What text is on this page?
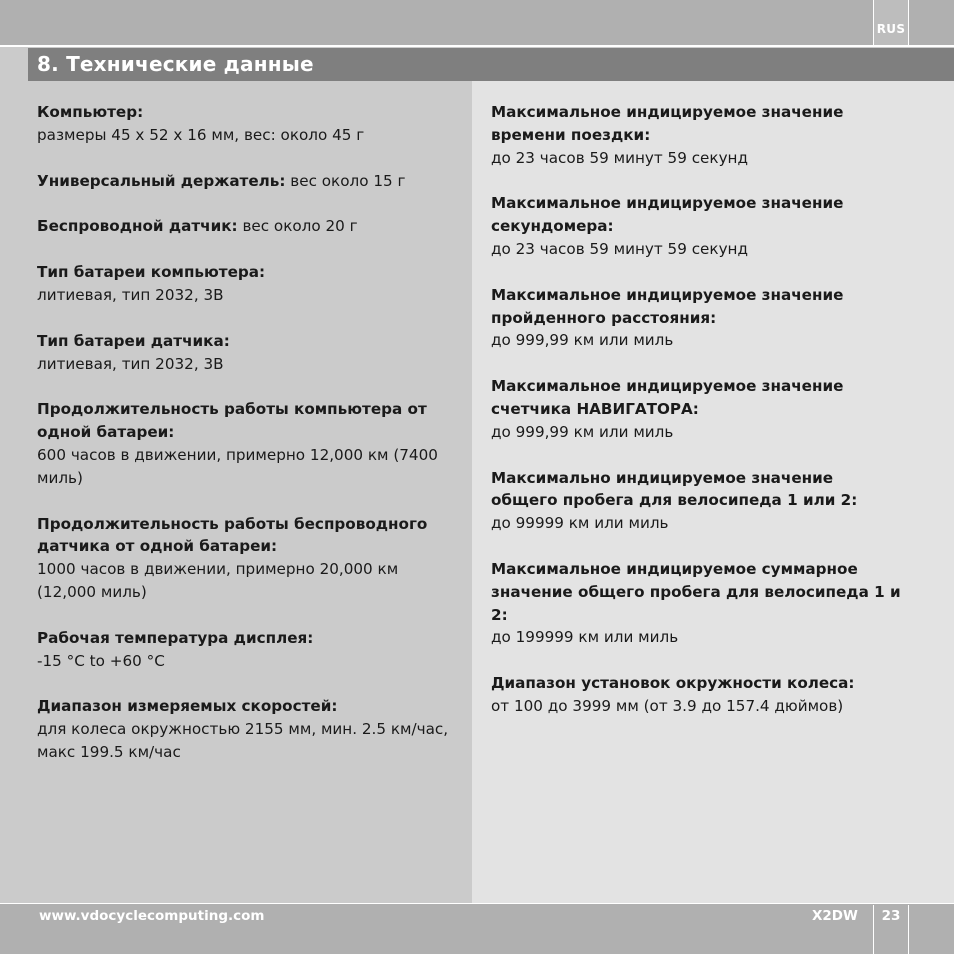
RUS
8. Технические данные

Компьютер:
размеры 45 x 52 x 16 мм, вес: около 45 г

Универсальный держатель: вес около 15 г

Беспроводной датчик: вес около 20 г

Тип батареи компьютера:
литиевая, тип 2032, 3В

Тип батареи датчика:
литиевая, тип 2032, 3В

Продолжительность работы компьютера от одной батареи:
600 часов в движении, примерно 12,000 км (7400 миль)

Продолжительность работы беспроводного датчика от одной батареи:
1000 часов в движении, примерно 20,000 км (12,000 миль)

Рабочая температура дисплея:
-15 °C to +60 °C

Диапазон измеряемых скоростей:
для колеса окружностью 2155 мм, мин. 2.5 км/час, макс 199.5 км/час

Максимальное индицируемое значение времени поездки:
до 23 часов 59 минут 59 секунд

Максимальное индицируемое значение секундомера:
до 23 часов 59 минут 59 секунд

Максимальное индицируемое значение пройденного расстояния:
до 999,99 км или миль

Максимальное индицируемое значение счетчика НАВИГАТОРА:
до 999,99 км или миль

Максимально индицируемое значение общего пробега для велосипеда 1 или 2:
до 99999 км или миль

Максимальное индицируемое суммарное значение общего пробега для велосипеда 1 и 2:
до 199999 км или миль

Диапазон установок окружности колеса:
от 100 до 3999 мм (от 3.9 до 157.4 дюймов)

www.vdocyclecomputing.com	X2DW	23
